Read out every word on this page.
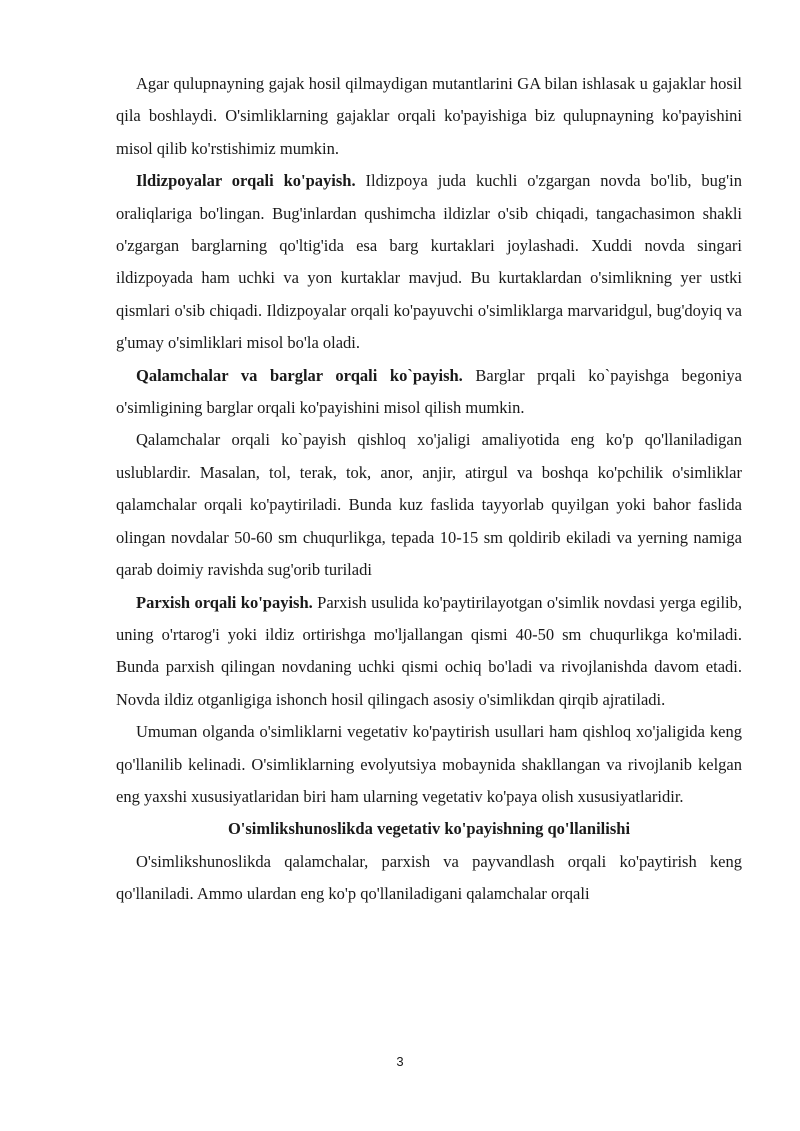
Agar qulupnayning gajak hosil qilmaydigan mutantlarini GA bilan ishlasak u gajaklar hosil qila boshlaydi. O'simliklarning gajaklar orqali ko'payishiga biz qulupnayning ko'payishini misol qilib ko'rstishimiz mumkin.

Ildizpoyalar orqali ko'payish. Ildizpoya juda kuchli o'zgargan novda bo'lib, bug'in oraliqlariga bo'lingan. Bug'inlardan qushimcha ildizlar o'sib chiqadi, tangachasimon shakli o'zgargan barglarning qo'ltig'ida esa barg kurtaklari joylashadi. Xuddi novda singari ildizpoyada ham uchki va yon kurtaklar mavjud. Bu kurtaklardan o'simlikning yer ustki qismlari o'sib chiqadi. Ildizpoyalar orqali ko'payuvchi o'simliklarga marvaridgul, bug'doyiq va g'umay o'simliklari misol bo'la oladi.

Qalamchalar va barglar orqali ko`payish. Barglar prqali ko`payishga begoniya o'simligining barglar orqali ko'payishini misol qilish mumkin.

Qalamchalar orqali ko`payish qishloq xo'jaligi amaliyotida eng ko'p qo'llaniladigan uslublardir. Masalan, tol, terak, tok, anor, anjir, atirgul va boshqa ko'pchilik o'simliklar qalamchalar orqali ko'paytiriladi. Bunda kuz faslida tayyorlab quyilgan yoki bahor faslida olingan novdalar 50-60 sm chuqurlikga, tepada 10-15 sm qoldirib ekiladi va yerning namiga qarab doimiy ravishda sug'orib turiladi

Parxish orqali ko'payish. Parxish usulida ko'paytirilayotgan o'simlik novdasi yerga egilib, uning o'rtarog'i yoki ildiz ortirishga mo'ljallangan qismi 40-50 sm chuqurlikga ko'miladi. Bunda parxish qilingan novdaning uchki qismi ochiq bo'ladi va rivojlanishda davom etadi. Novda ildiz otganligiga ishonch hosil qilingach asosiy o'simlikdan qirqib ajratiladi.

Umuman olganda o'simliklarni vegetativ ko'paytirish usullari ham qishloq xo'jaligida keng qo'llanilib kelinadi. O'simliklarning evolyutsiya mobaynida shakllangan va rivojlanib kelgan eng yaxshi xususiyatlaridan biri ham ularning vegetativ ko'paya olish xususiyatlaridir.

O'simlikshunoslikda vegetativ ko'payishning qo'llanilishi

O'simlikshunoslikda qalamchalar, parxish va payvandlash orqali ko'paytirish keng qo'llaniladi. Ammo ulardan eng ko'p qo'llaniladigani qalamchalar orqali

3
